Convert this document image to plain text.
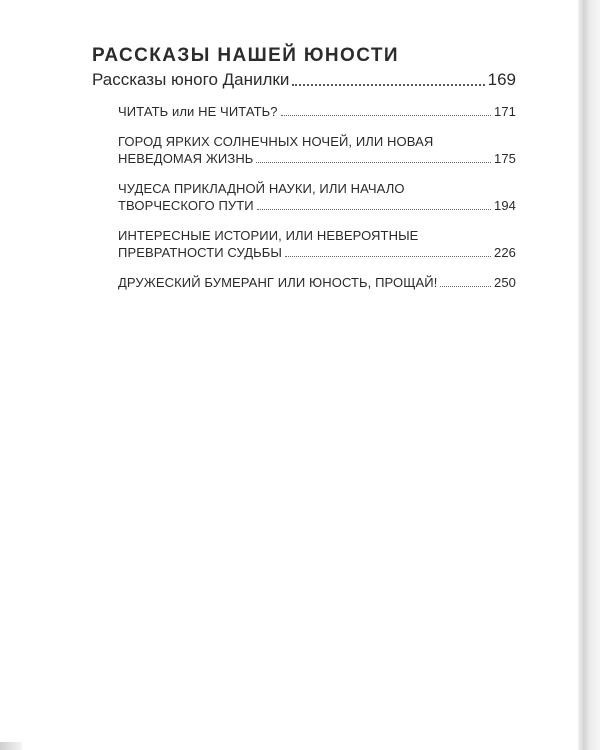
РАССКАЗЫ НАШЕЙ ЮНОСТИ
Рассказы юного Данилки	169
ЧИТАТЬ или НЕ ЧИТАТЬ?	171
ГОРОД ЯРКИХ СОЛНЕЧНЫХ НОЧЕЙ, ИЛИ НОВАЯ
НЕВЕДОМАЯ ЖИЗНЬ	175
ЧУДЕСА ПРИКЛАДНОЙ НАУКИ, ИЛИ НАЧАЛО
ТВОРЧЕСКОГО ПУТИ	194
ИНТЕРЕСНЫЕ ИСТОРИИ, ИЛИ НЕВЕРОЯТНЫЕ
ПРЕВРАТНОСТИ СУДЬБЫ	226
ДРУЖЕСКИЙ БУМЕРАНГ ИЛИ ЮНОСТЬ, ПРОЩАЙ!	250
